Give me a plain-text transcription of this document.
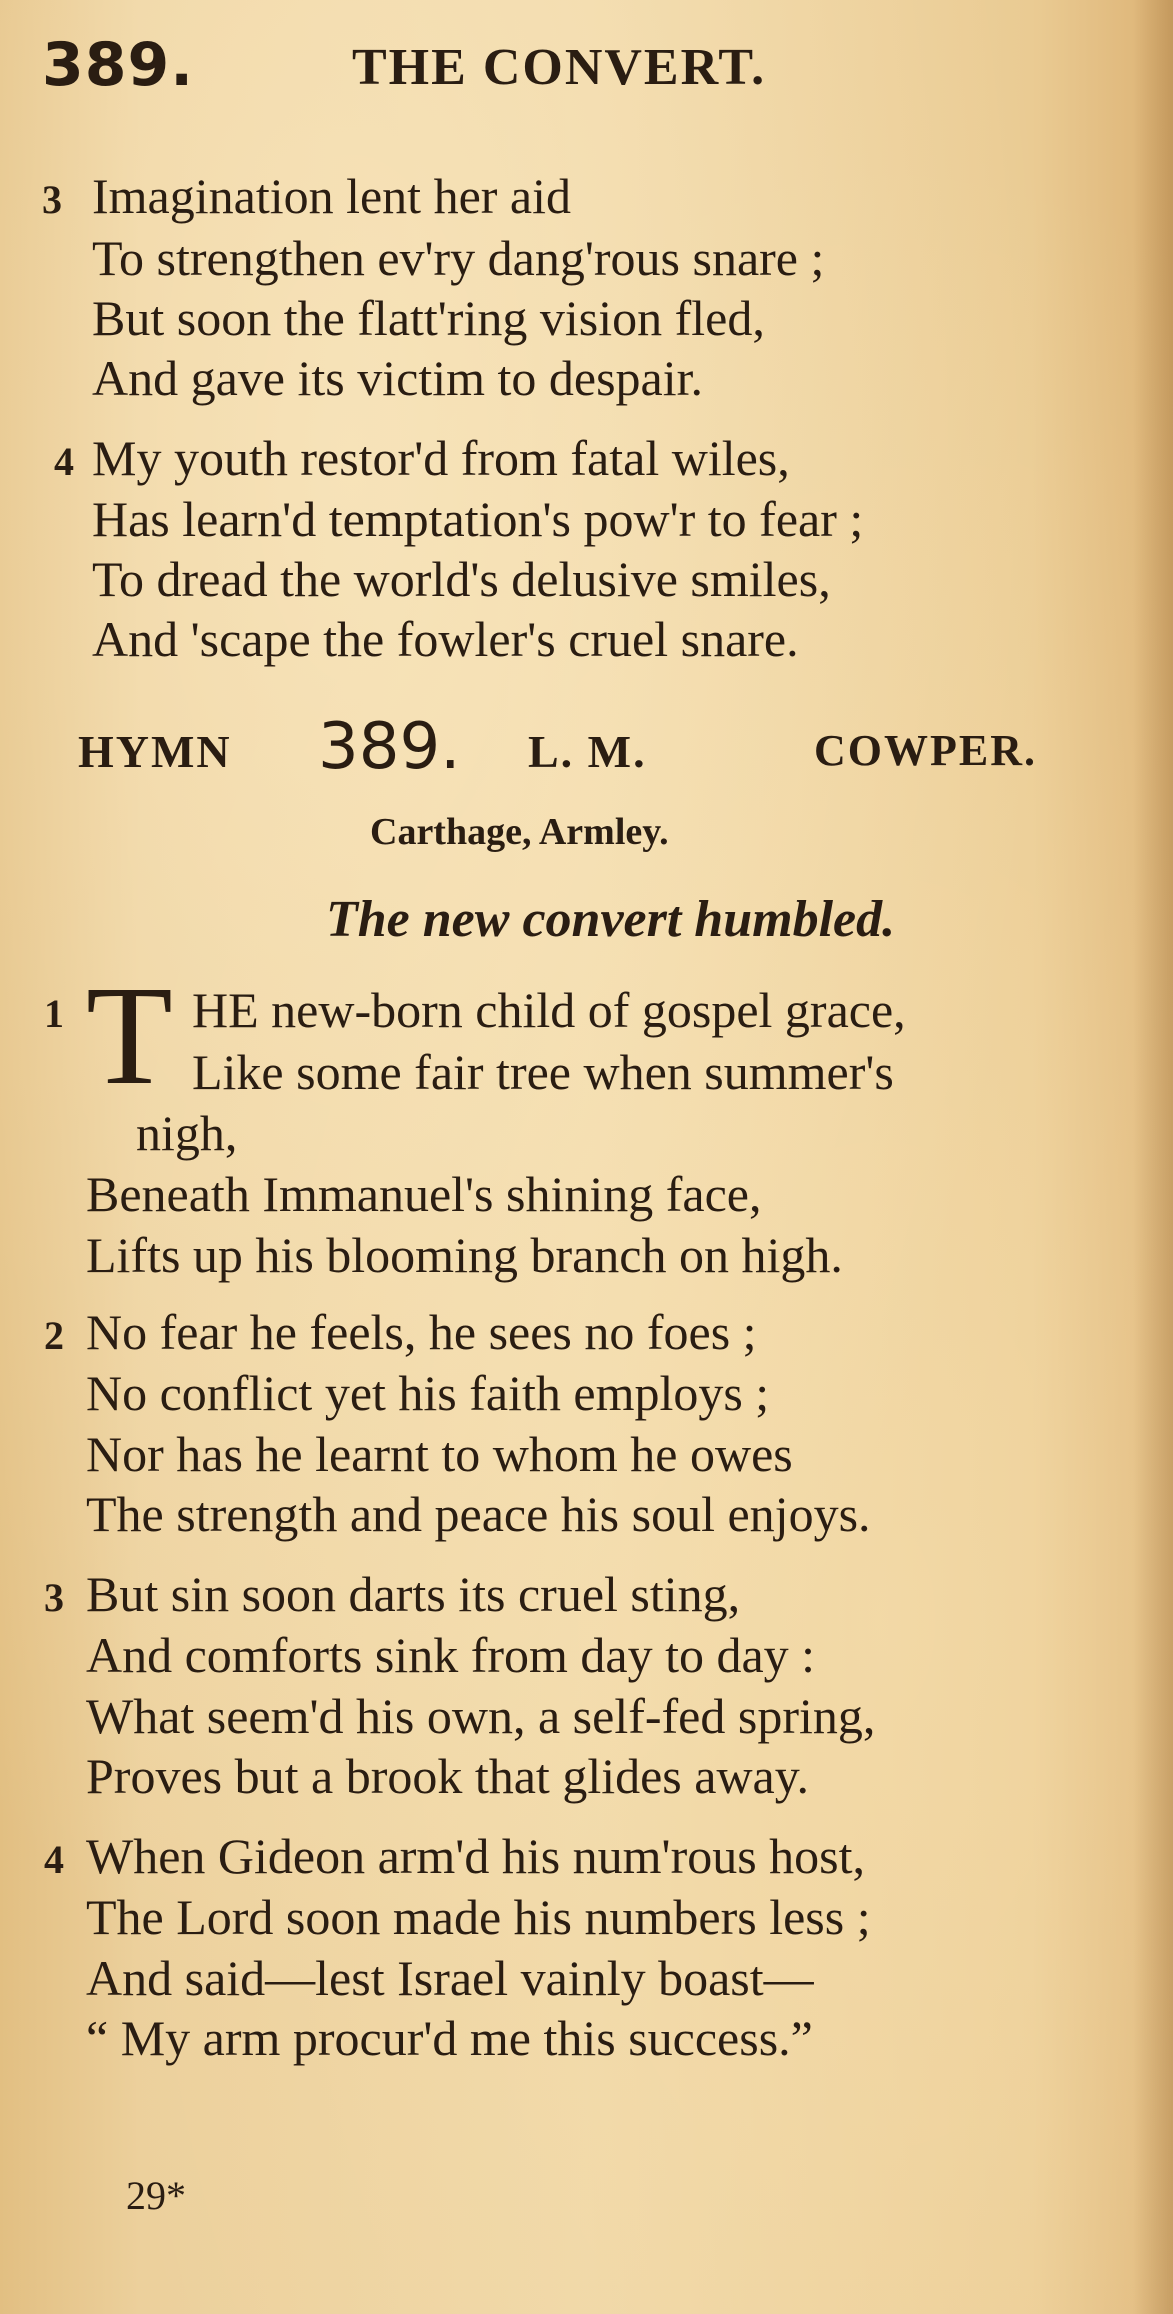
389.	THE CONVERT.
3 Imagination lent her aid
To strengthen ev'ry dang'rous snare ;
But soon the flatt'ring vision fled,
And gave its victim to despair.
4 My youth restor'd from fatal wiles,
Has learn'd temptation's pow'r to fear ;
To dread the world's delusive smiles,
And 'scape the fowler's cruel snare.
HYMN 389. L. M.	COWPER.
Carthage, Armley.
The new convert humbled.
1 T HE new-born child of gospel grace,
Like some fair tree when summer's
nigh,
Beneath Immanuel's shining face,
Lifts up his blooming branch on high.
2 No fear he feels, he sees no foes ;
No conflict yet his faith employs ;
Nor has he learnt to whom he owes
The strength and peace his soul enjoys.
3 But sin soon darts its cruel sting,
And comforts sink from day to day :
What seem'd his own, a self-fed spring,
Proves but a brook that glides away.
4 When Gideon arm'd his num'rous host,
The Lord soon made his numbers less ;
And said—lest Israel vainly boast—
“ My arm procur'd me this success.”
29*
